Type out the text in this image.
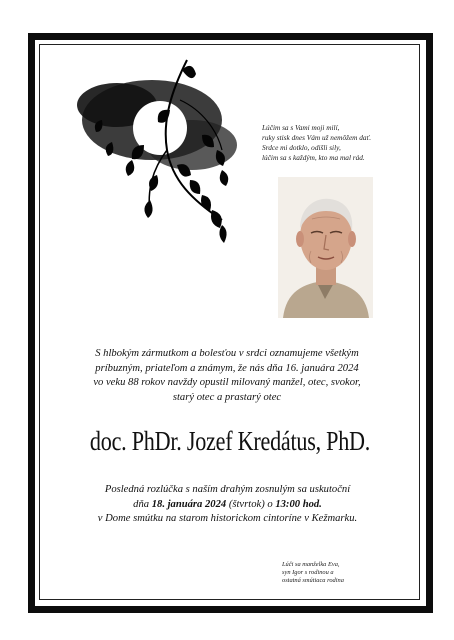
Lúčim sa s Vami moji milí,
ruky stisk dnes Vám už nemôžem dať.
Srdce mi dotklo, odišli sily,
lúčim sa s každým, kto ma mal rád.
S hlbokým zármutkom a bolesťou v srdci oznamujeme všetkým
príbuzným, priateľom a známym, že nás dňa 16. januára 2024
vo veku 88 rokov navždy opustil milovaný manžel, otec, svokor,
starý otec a prastarý otec
doc. PhDr. Jozef Kredátus, PhD.
Posledná rozlúčka s naším drahým zosnulým sa uskutoční
dňa 18. januára 2024 (štvrtok) o 13:00 hod.
v Dome smútku na starom historickom cintoríne v Kežmarku.
Lúči sa manželka Eva,
syn Igor s rodinou a
ostatná smútiaca rodina
